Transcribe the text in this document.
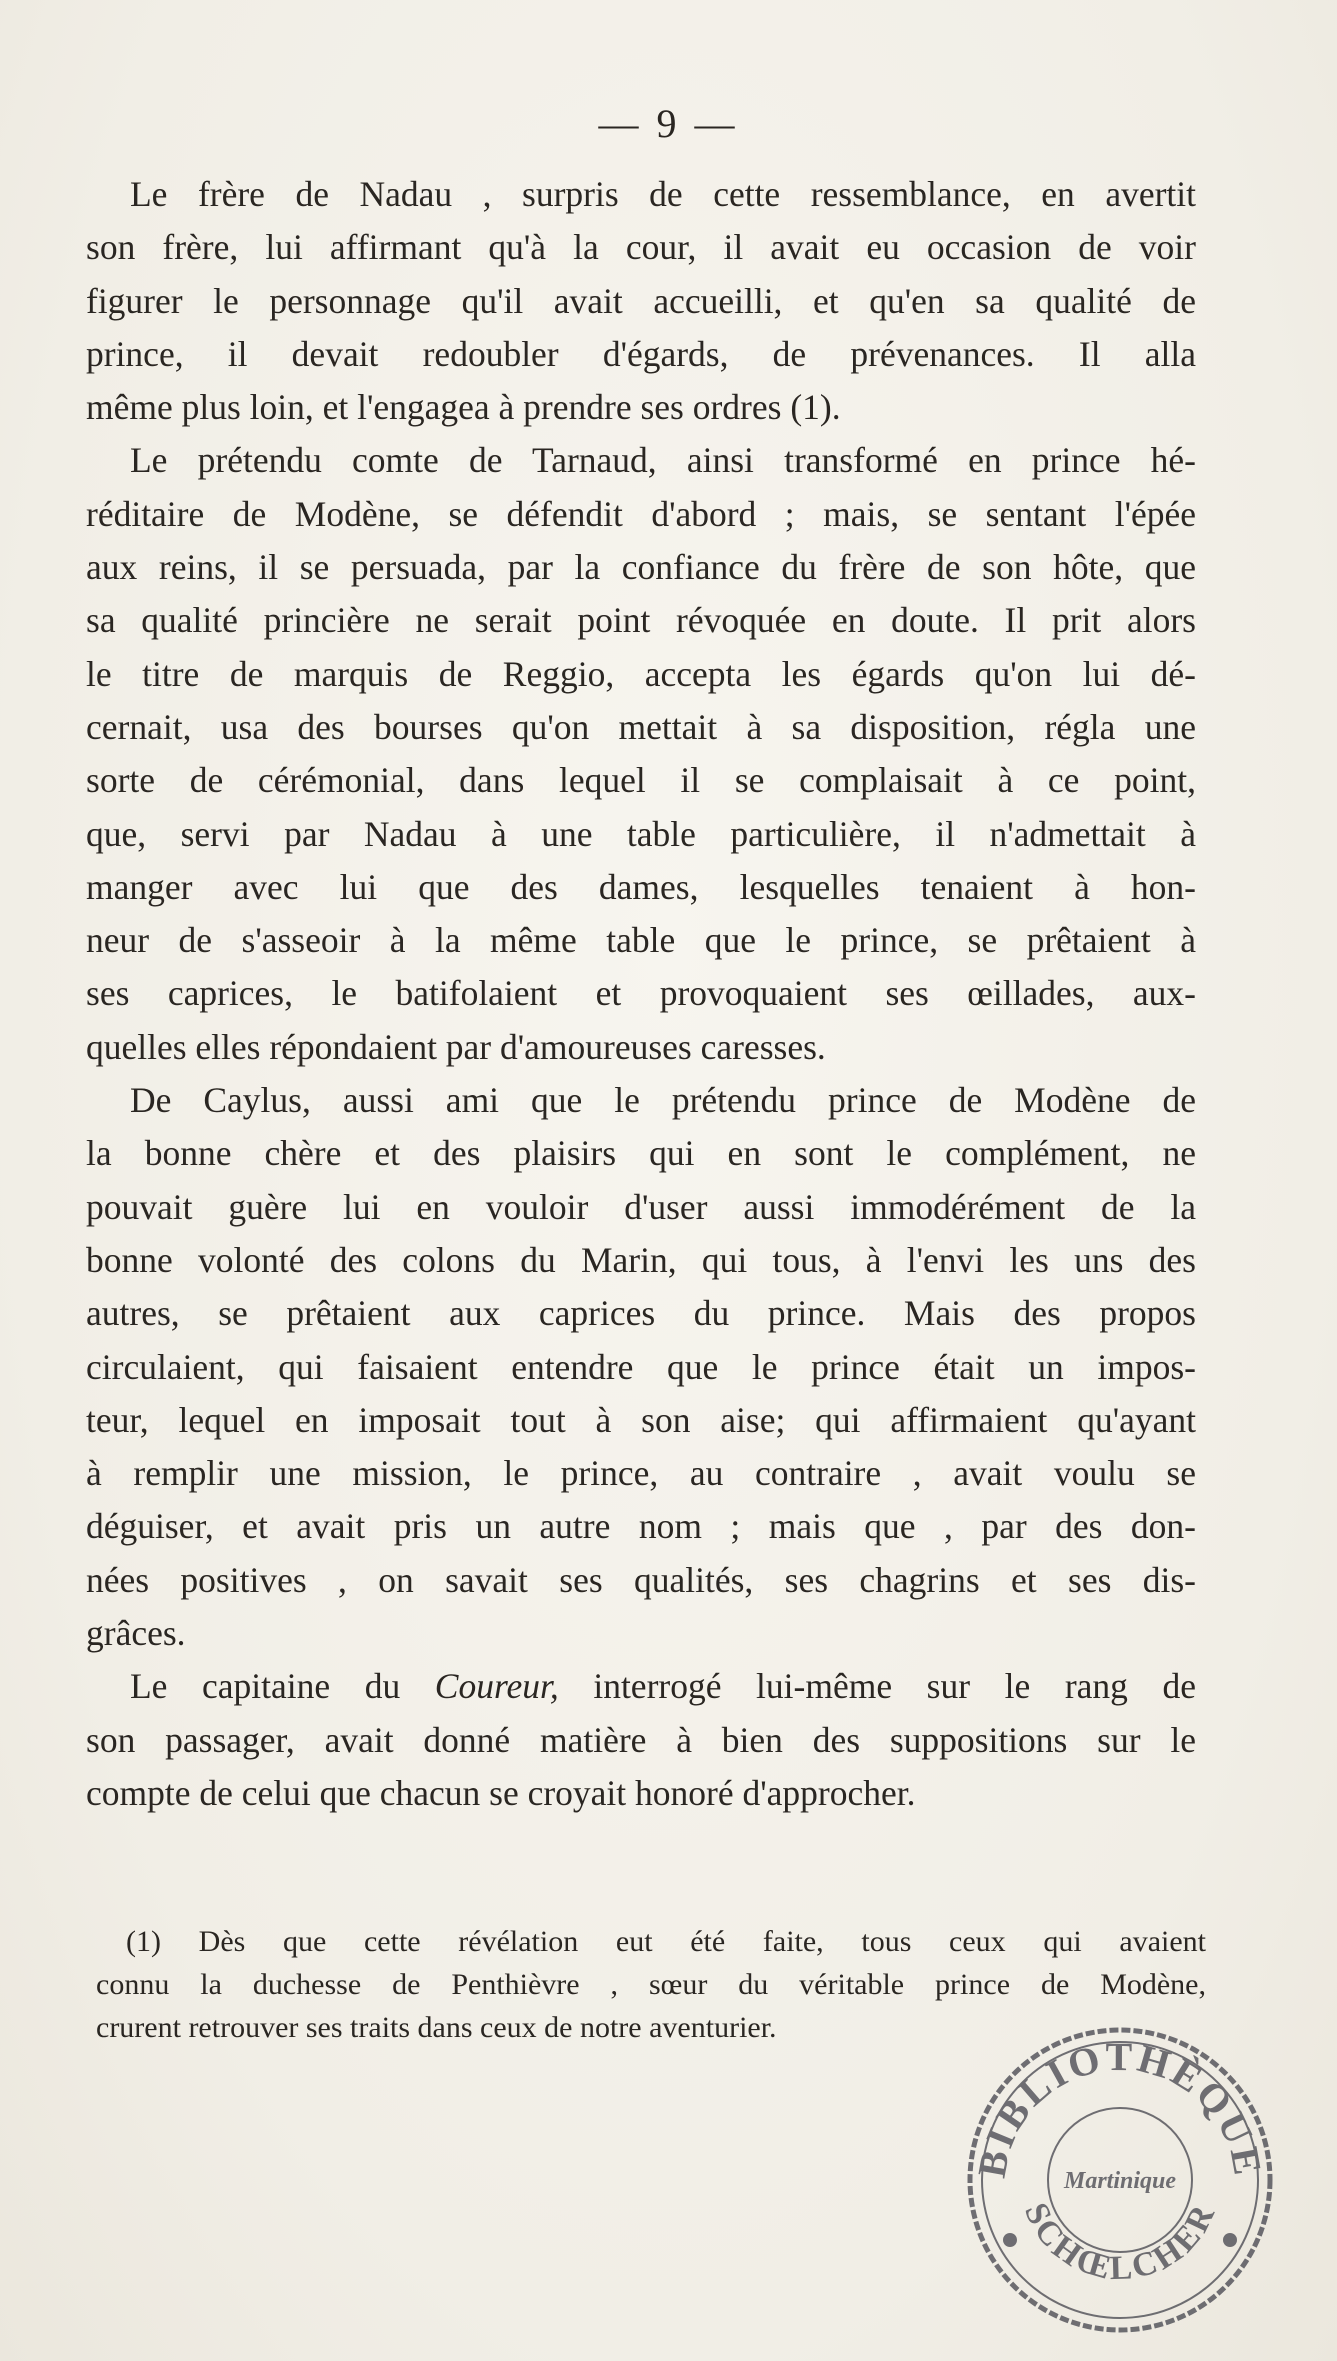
— 9 —
Le frère de Nadau , surpris de cette ressemblance, en avertit
son frère, lui affirmant qu'à la cour, il avait eu occasion de voir
figurer le personnage qu'il avait accueilli, et qu'en sa qualité de
prince, il devait redoubler d'égards, de prévenances. Il alla
même plus loin, et l'engagea à prendre ses ordres (1).
Le prétendu comte de Tarnaud, ainsi transformé en prince hé-
réditaire de Modène, se défendit d'abord ; mais, se sentant l'épée
aux reins, il se persuada, par la confiance du frère de son hôte, que
sa qualité princière ne serait point révoquée en doute. Il prit alors
le titre de marquis de Reggio, accepta les égards qu'on lui dé-
cernait, usa des bourses qu'on mettait à sa disposition, régla une
sorte de cérémonial, dans lequel il se complaisait à ce point,
que, servi par Nadau à une table particulière, il n'admettait à
manger avec lui que des dames, lesquelles tenaient à hon-
neur de s'asseoir à la même table que le prince, se prêtaient à
ses caprices, le batifolaient et provoquaient ses œillades, aux-
quelles elles répondaient par d'amoureuses caresses.
De Caylus, aussi ami que le prétendu prince de Modène de
la bonne chère et des plaisirs qui en sont le complément, ne
pouvait guère lui en vouloir d'user aussi immodérément de la
bonne volonté des colons du Marin, qui tous, à l'envi les uns des
autres, se prêtaient aux caprices du prince. Mais des propos
circulaient, qui faisaient entendre que le prince était un impos-
teur, lequel en imposait tout à son aise; qui affirmaient qu'ayant
à remplir une mission, le prince, au contraire , avait voulu se
déguiser, et avait pris un autre nom ; mais que , par des don-
nées positives , on savait ses qualités, ses chagrins et ses dis-
grâces.
Le capitaine du Coureur, interrogé lui-même sur le rang de
son passager, avait donné matière à bien des suppositions sur le
compte de celui que chacun se croyait honoré d'approcher.
(1) Dès que cette révélation eut été faite, tous ceux qui avaient
connu la duchesse de Penthièvre , sœur du véritable prince de Modène,
crurent retrouver ses traits dans ceux de notre aventurier.
BIBLIOTHÈQUE
Martinique
SCHŒLCHER
